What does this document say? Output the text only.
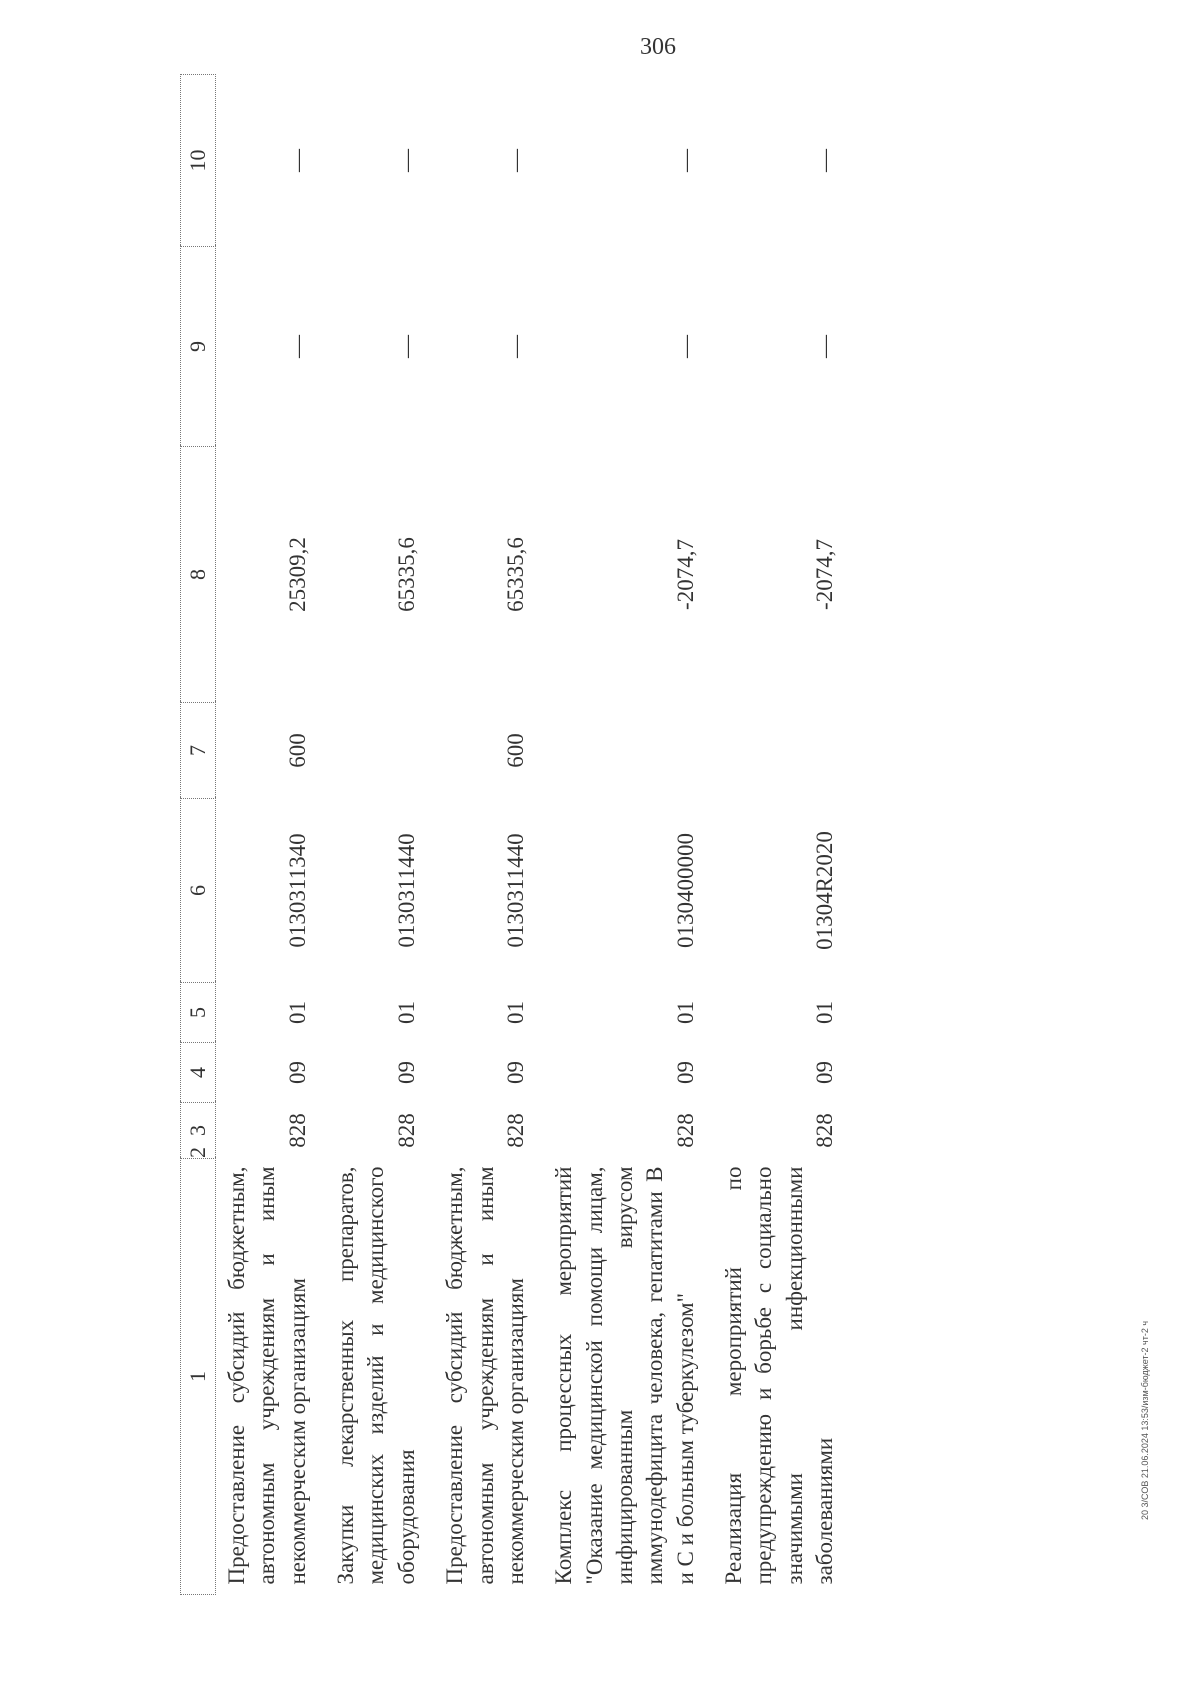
306
20 3/СОВ 21.06.2024 13:53/изм-бюджет-2 чт-2 ч
1	2	3	4	5	6	7	8	9	10
Предоставление субсидий бюджетным, автономным учреждениям и иным некоммерческим организациям	828	09	01	0130311340	600	25309,2	—	—
Закупки лекарственных препаратов, медицинских изделий и медицинского оборудования	828	09	01	0130311440		65335,6	—	—
Предоставление субсидий бюджетным, автономным учреждениям и иным некоммерческим организациям	828	09	01	0130311440	600	65335,6	—	—
Комплекс процессных мероприятий "Оказание медицинской помощи лицам, инфицированным вирусом иммунодефицита человека, гепатитами В и С и больным туберкулезом"	828	09	01	0130400000		-2074,7	—	—
Реализация мероприятий по предупреждению и борьбе с социально значимыми инфекционными заболеваниями	828	09	01	01304R2020		-2074,7	—	—
